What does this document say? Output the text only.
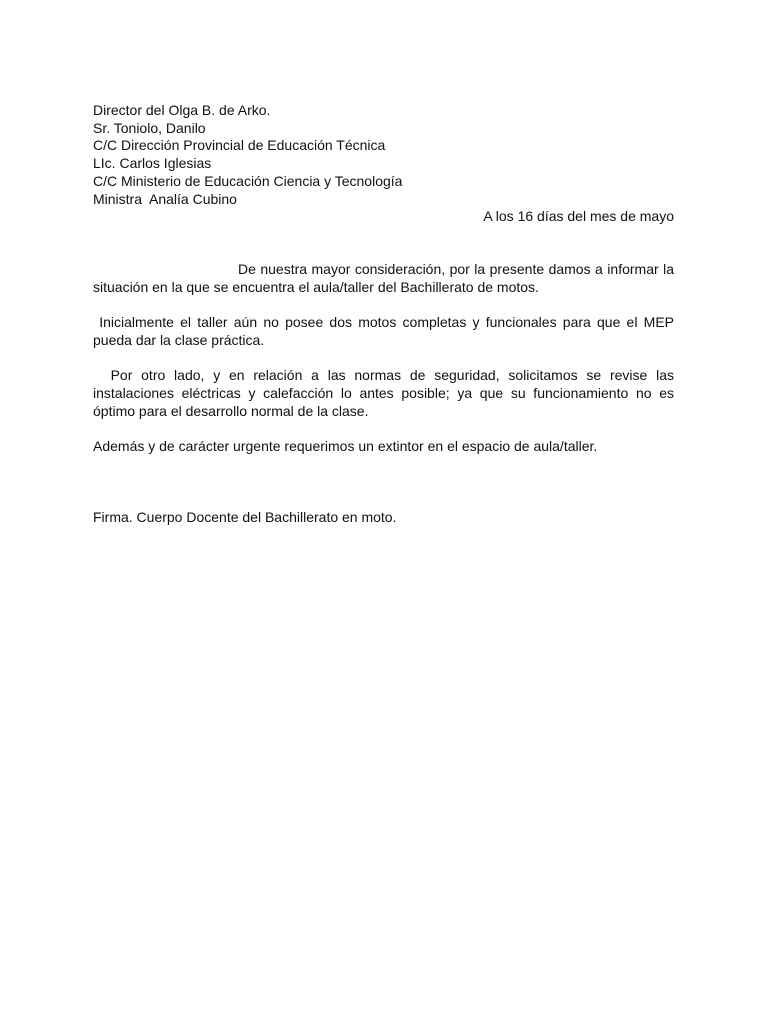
Director del Olga B. de Arko.
Sr. Toniolo, Danilo
C/C Dirección Provincial de Educación Técnica
LIc. Carlos Iglesias
C/C Ministerio de Educación Ciencia y Tecnología
Ministra  Analía Cubino
A los 16 días del mes de mayo

De nuestra mayor consideración, por la presente damos a informar la situación en la que se encuentra el aula/taller del Bachillerato de motos.

Inicialmente el taller aún no posee dos motos completas y funcionales para que el MEP pueda dar la clase práctica.

Por otro lado, y en relación a las normas de seguridad, solicitamos se revise las instalaciones eléctricas y calefacción lo antes posible; ya que su funcionamiento no es óptimo para el desarrollo normal de la clase.

Además y de carácter urgente requerimos un extintor en el espacio de aula/taller.

Firma. Cuerpo Docente del Bachillerato en moto.
